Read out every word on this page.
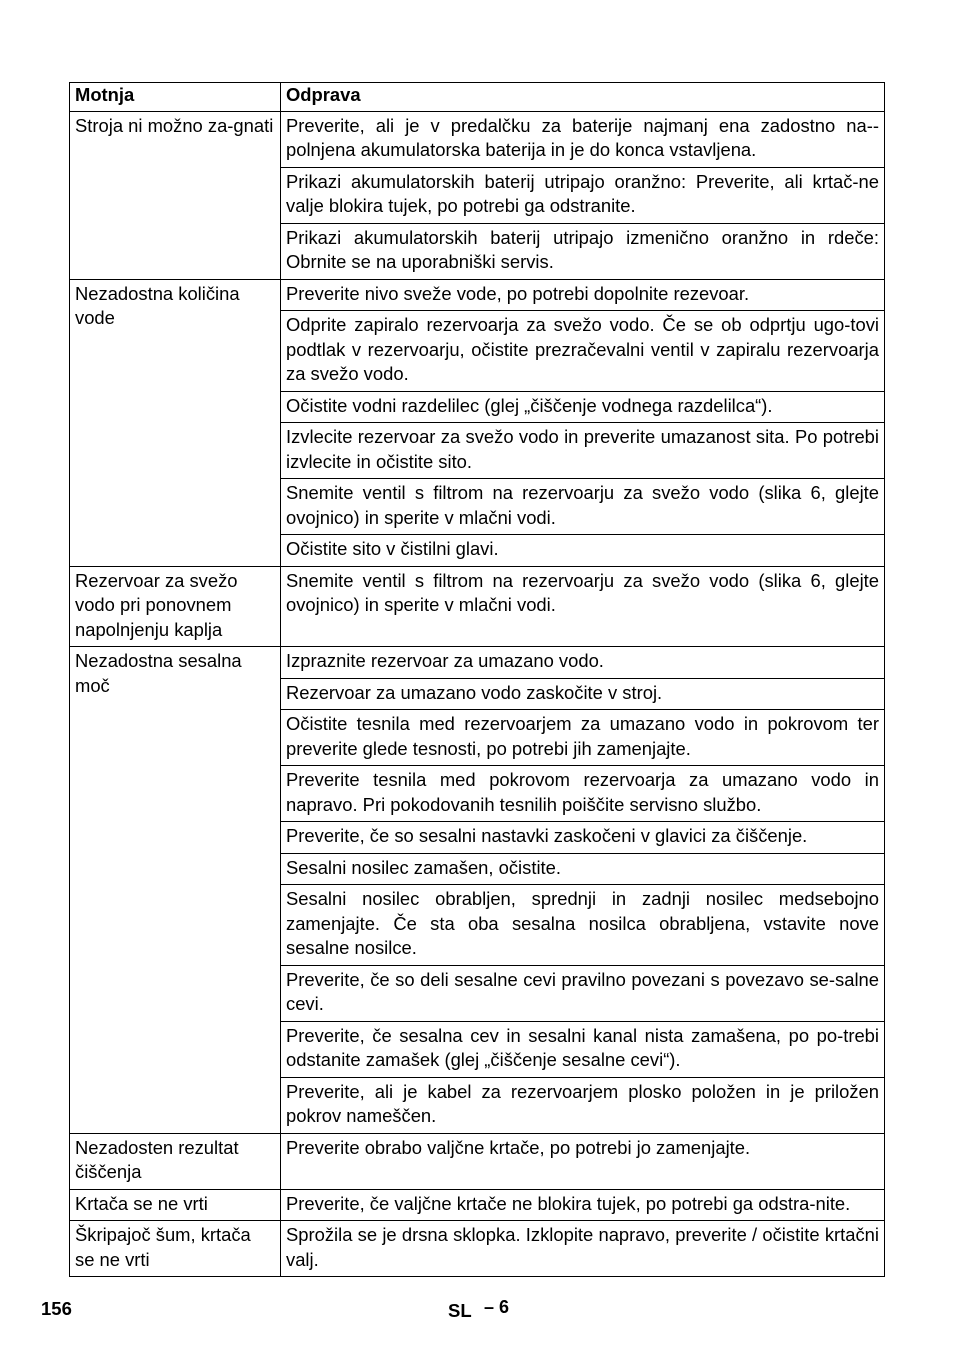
Motnja	Odprava
Stroja ni možno za-gnati	Preverite, ali je v predalčku za baterije najmanj ena zadostno na-polnjena akumulatorska baterija in je do konca vstavljena.
	Prikazi akumulatorskih baterij utripajo oranžno: Preverite, ali krtač-ne valje blokira tujek, po potrebi ga odstranite.
	Prikazi akumulatorskih baterij utripajo izmenično oranžno in rdeče: Obrnite se na uporabniški servis.
Nezadostna količina vode	Preverite nivo sveže vode, po potrebi dopolnite rezevoar.
	Odprite zapiralo rezervoarja za svežo vodo. Če se ob odprtju ugo-tovi podtlak v rezervoarju, očistite prezračevalni ventil v zapiralu rezervoarja za svežo vodo.
	Očistite vodni razdelilec (glej „čiščenje vodnega razdelilca“).
	Izvlecite rezervoar za svežo vodo in preverite umazanost sita. Po potrebi izvlecite in očistite sito.
	Snemite ventil s filtrom na rezervoarju za svežo vodo (slika 6, glejte ovojnico) in sperite v mlačni vodi.
	Očistite sito v čistilni glavi.
Rezervoar za svežo vodo pri ponovnem napolnjenju kaplja	Snemite ventil s filtrom na rezervoarju za svežo vodo (slika 6, glejte ovojnico) in sperite v mlačni vodi.
Nezadostna sesalna moč	Izpraznite rezervoar za umazano vodo.
	Rezervoar za umazano vodo zaskočite v stroj.
	Očistite tesnila med rezervoarjem za umazano vodo in pokrovom ter preverite glede tesnosti, po potrebi jih zamenjajte.
	Preverite tesnila med pokrovom rezervoarja za umazano vodo in napravo. Pri pokodovanih tesnilih poiščite servisno službo.
	Preverite, če so sesalni nastavki zaskočeni v glavici za čiščenje.
	Sesalni nosilec zamašen, očistite.
	Sesalni nosilec obrabljen, sprednji in zadnji nosilec medsebojno zamenjajte. Če sta oba sesalna nosilca obrabljena, vstavite nove sesalne nosilce.
	Preverite, če so deli sesalne cevi pravilno povezani s povezavo se-salne cevi.
	Preverite, če sesalna cev in sesalni kanal nista zamašena, po po-trebi odstanite zamašek (glej „čiščenje sesalne cevi“).
	Preverite, ali je kabel za rezervoarjem plosko položen in je priložen pokrov nameščen.
Nezadosten rezultat čiščenja	Preverite obrabo valjčne krtače, po potrebi jo zamenjajte.
Krtača se ne vrti	Preverite, če valjčne krtače ne blokira tujek, po potrebi ga odstra-nite.
Škripajoč šum, krtača se ne vrti	Sprožila se je drsna sklopka. Izklopite napravo, preverite / očistite krtačni valj.
156	SL – 6
